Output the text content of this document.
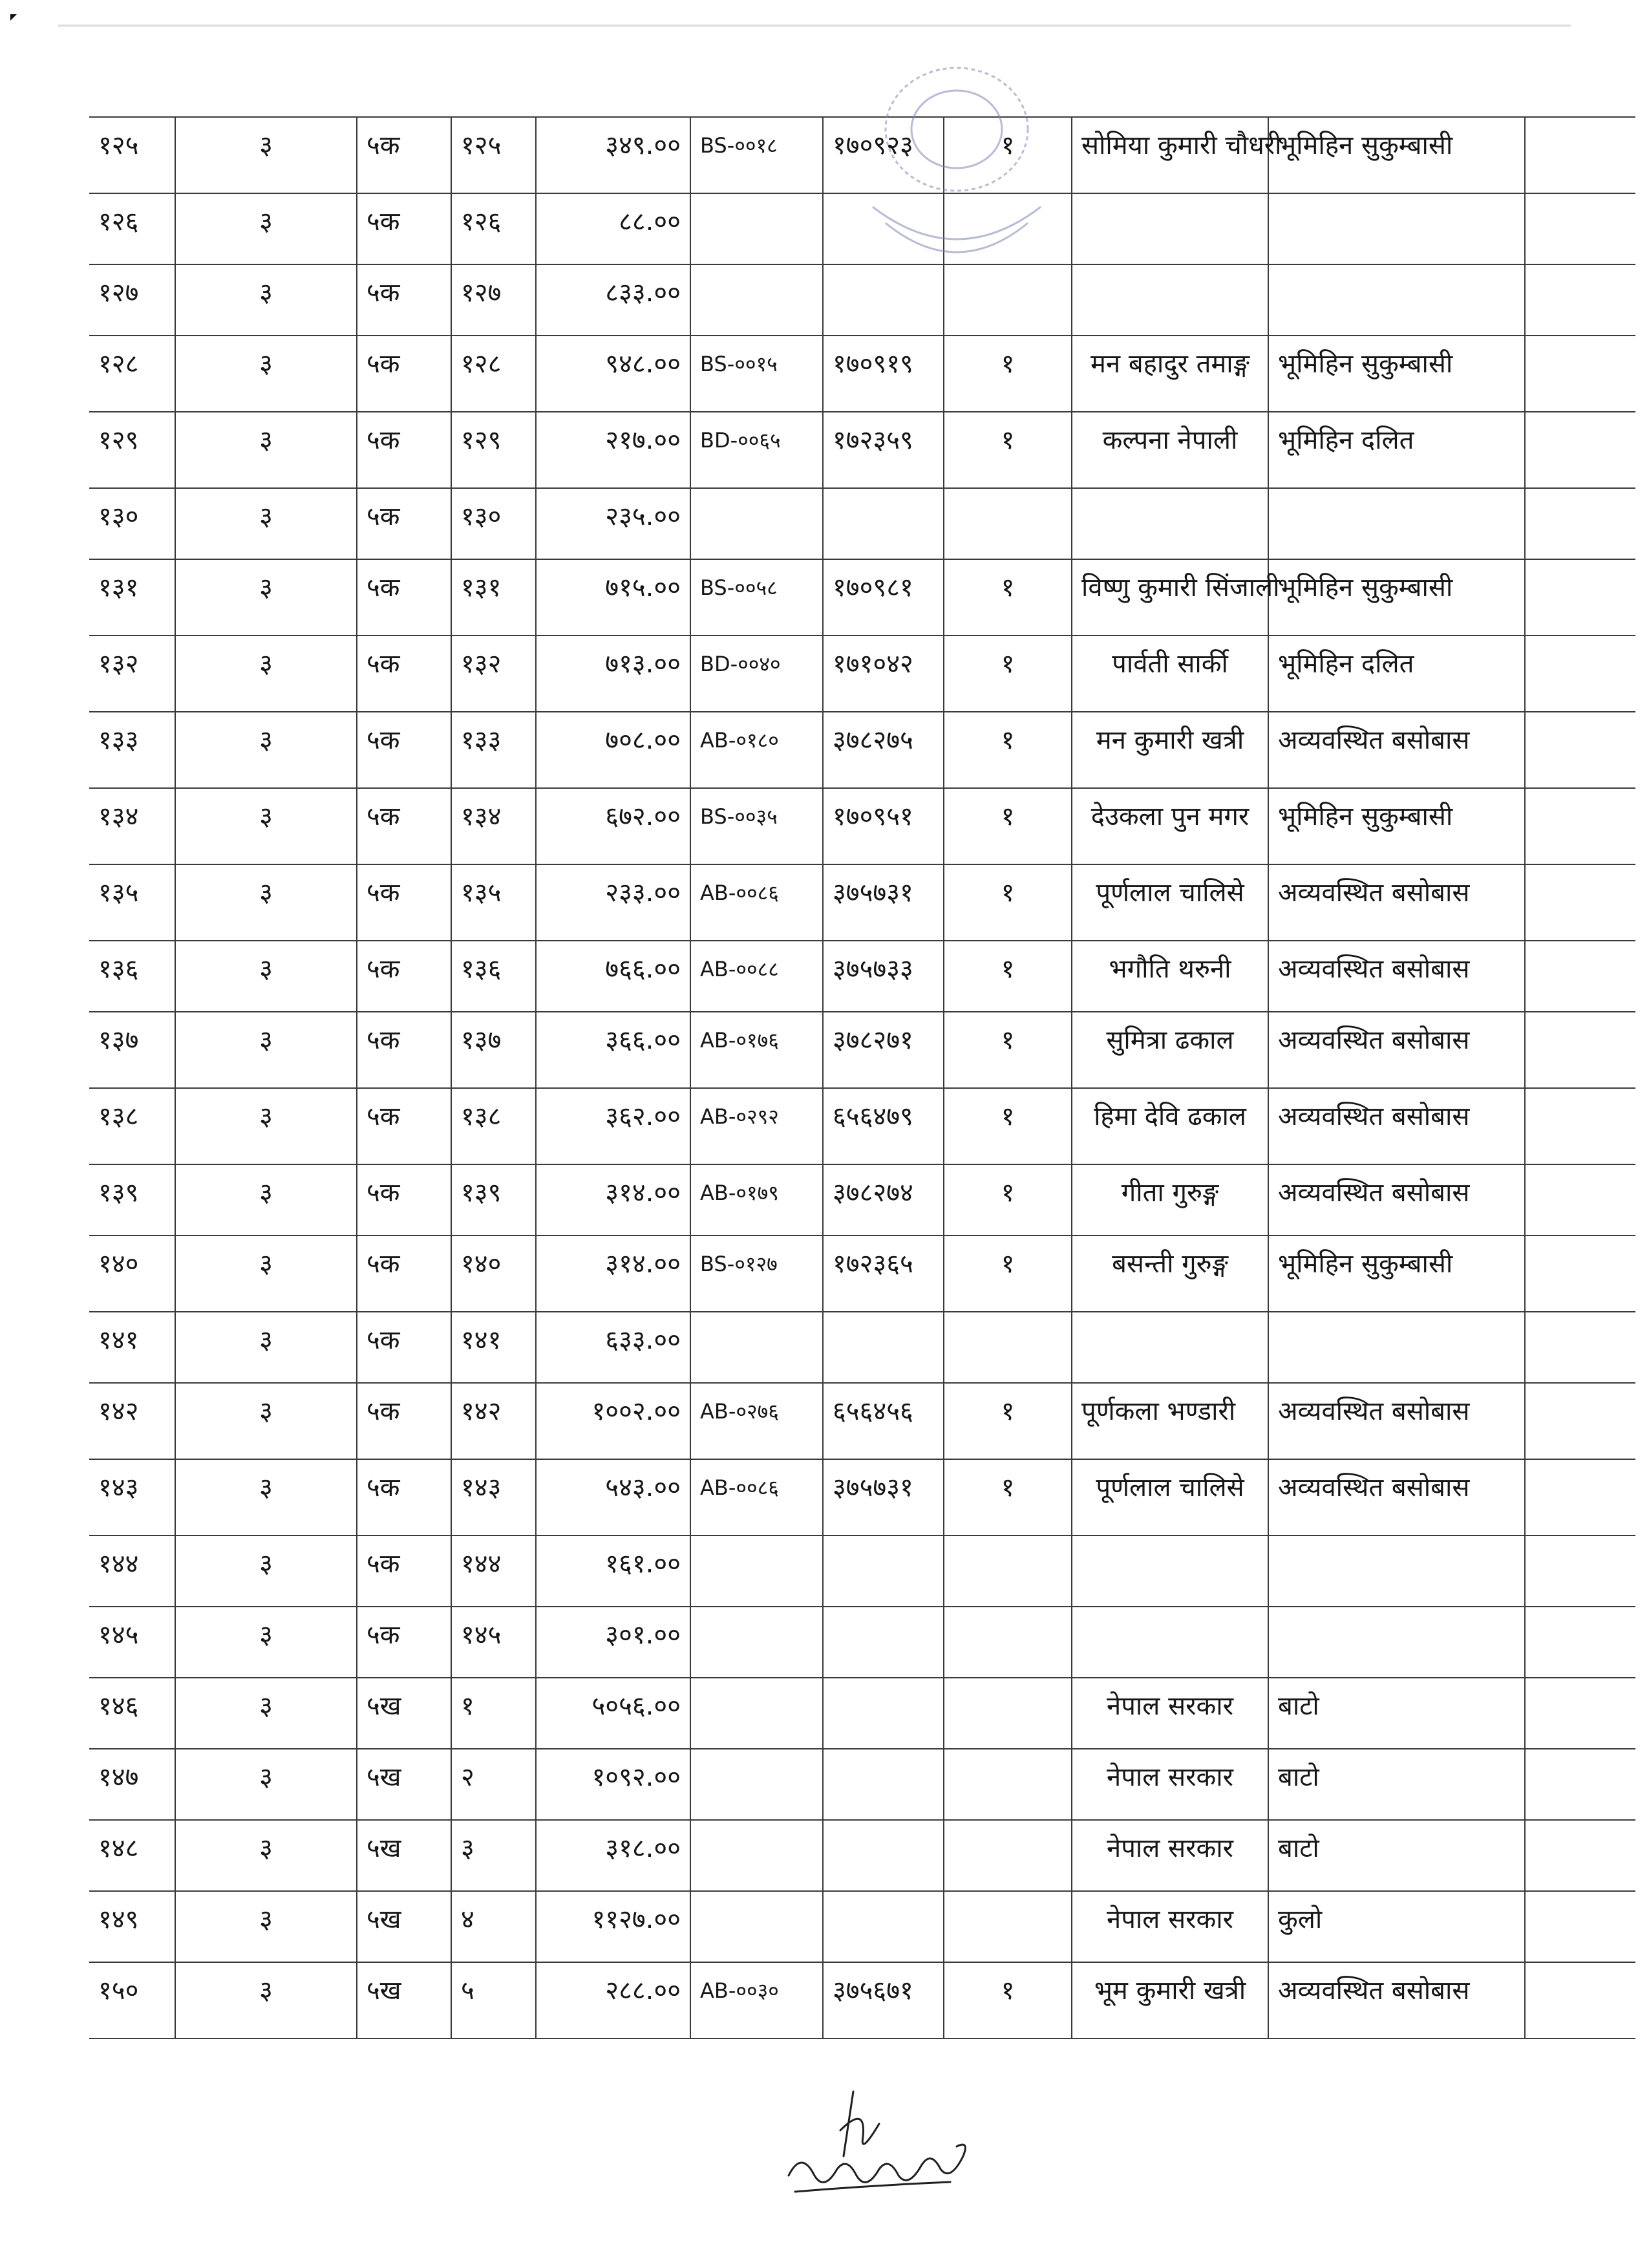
१२५	३	५क	१२५	३४९.००	BS-००१८	१७०९२३	१	सोमिया कुमारी चौधरी	भूमिहिन सुकुम्बासी	
१२६	३	५क	१२६	८८.००						
१२७	३	५क	१२७	८३३.००						
१२८	३	५क	१२८	९४८.००	BS-००१५	१७०९१९	१	मन बहादुर तमाङ्ग	भूमिहिन सुकुम्बासी	
१२९	३	५क	१२९	२१७.००	BD-००६५	१७२३५९	१	कल्पना नेपाली	भूमिहिन दलित	
१३०	३	५क	१३०	२३५.००						
१३१	३	५क	१३१	७१५.००	BS-००५८	१७०९८१	१	विष्णु कुमारी सिंजाली	भूमिहिन सुकुम्बासी	
१३२	३	५क	१३२	७१३.००	BD-००४०	१७१०४२	१	पार्वती सार्की	भूमिहिन दलित	
१३३	३	५क	१३३	७०८.००	AB-०१८०	३७८२७५	१	मन कुमारी खत्री	अव्यवस्थित बसोबास	
१३४	३	५क	१३४	६७२.००	BS-००३५	१७०९५१	१	देउकला पुन मगर	भूमिहिन सुकुम्बासी	
१३५	३	५क	१३५	२३३.००	AB-००८६	३७५७३१	१	पूर्णलाल चालिसे	अव्यवस्थित बसोबास	
१३६	३	५क	१३६	७६६.००	AB-००८८	३७५७३३	१	भगौति थरुनी	अव्यवस्थित बसोबास	
१३७	३	५क	१३७	३६६.००	AB-०१७६	३७८२७१	१	सुमित्रा ढकाल	अव्यवस्थित बसोबास	
१३८	३	५क	१३८	३६२.००	AB-०२९२	६५६४७९	१	हिमा देवि ढकाल	अव्यवस्थित बसोबास	
१३९	३	५क	१३९	३१४.००	AB-०१७९	३७८२७४	१	गीता गुरुङ्ग	अव्यवस्थित बसोबास	
१४०	३	५क	१४०	३१४.००	BS-०१२७	१७२३६५	१	बसन्ती गुरुङ्ग	भूमिहिन सुकुम्बासी	
१४१	३	५क	१४१	६३३.००						
१४२	३	५क	१४२	१००२.००	AB-०२७६	६५६४५६	१	पूर्णकला भण्डारी	अव्यवस्थित बसोबास	
१४३	३	५क	१४३	५४३.००	AB-००८६	३७५७३१	१	पूर्णलाल चालिसे	अव्यवस्थित बसोबास	
१४४	३	५क	१४४	१६१.००						
१४५	३	५क	१४५	३०१.००						
१४६	३	५ख	१	५०५६.००				नेपाल सरकार	बाटो	
१४७	३	५ख	२	१०९२.००				नेपाल सरकार	बाटो	
१४८	३	५ख	३	३१८.००				नेपाल सरकार	बाटो	
१४९	३	५ख	४	११२७.००				नेपाल सरकार	कुलो	
१५०	३	५ख	५	२८८.००	AB-००३०	३७५६७१	१	भूम कुमारी खत्री	अव्यवस्थित बसोबास	
